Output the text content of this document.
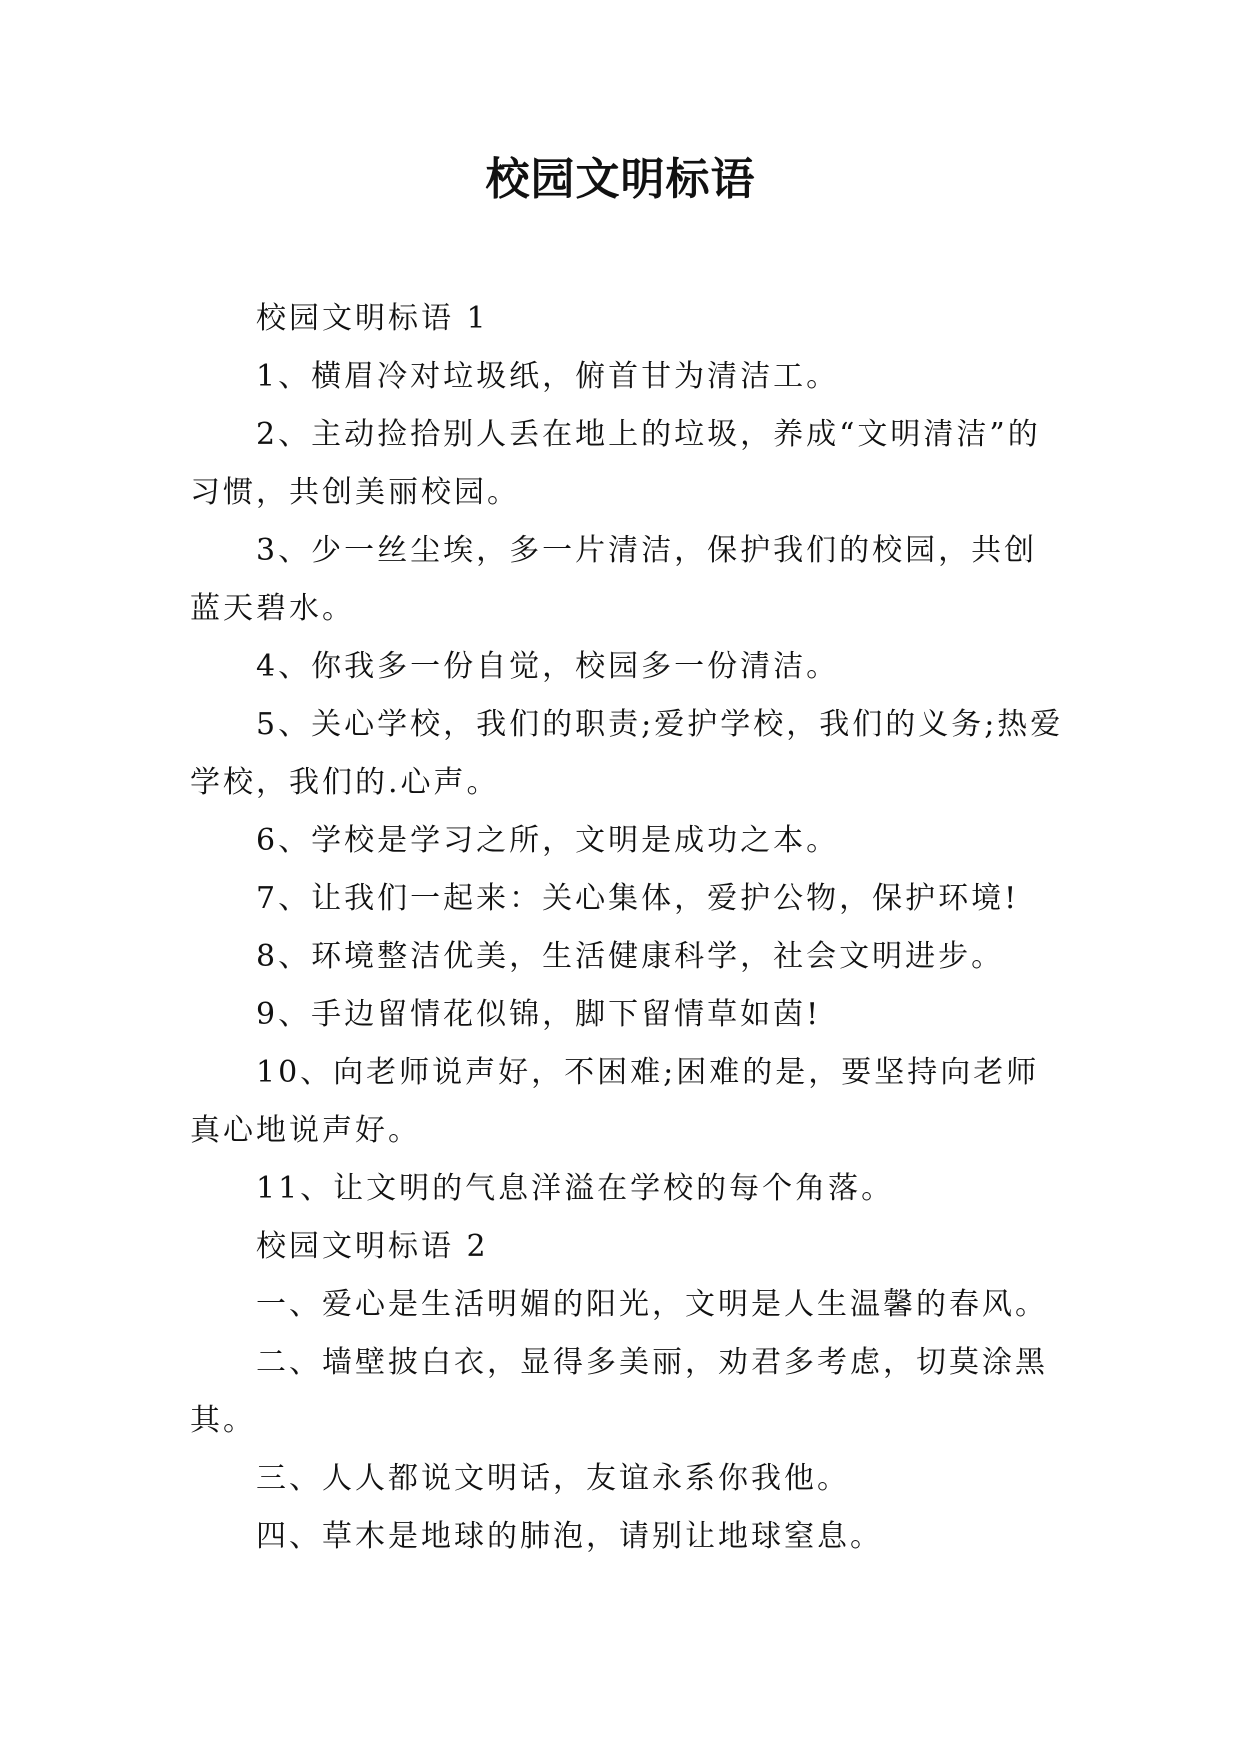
校园文明标语

校园文明标语 1

1、横眉冷对垃圾纸，俯首甘为清洁工。

2、主动捡拾别人丢在地上的垃圾，养成“文明清洁”的习惯，共创美丽校园。

3、少一丝尘埃，多一片清洁，保护我们的校园，共创蓝天碧水。

4、你我多一份自觉，校园多一份清洁。

5、关心学校，我们的职责;爱护学校，我们的义务;热爱学校，我们的.心声。

6、学校是学习之所，文明是成功之本。

7、让我们一起来：关心集体，爱护公物，保护环境!

8、环境整洁优美，生活健康科学，社会文明进步。

9、手边留情花似锦，脚下留情草如茵!

10、向老师说声好，不困难;困难的是，要坚持向老师真心地说声好。

11、让文明的气息洋溢在学校的每个角落。

校园文明标语 2

一、爱心是生活明媚的阳光，文明是人生温馨的春风。

二、墙壁披白衣，显得多美丽，劝君多考虑，切莫涂黑其。

三、人人都说文明话，友谊永系你我他。

四、草木是地球的肺泡，请别让地球窒息。
